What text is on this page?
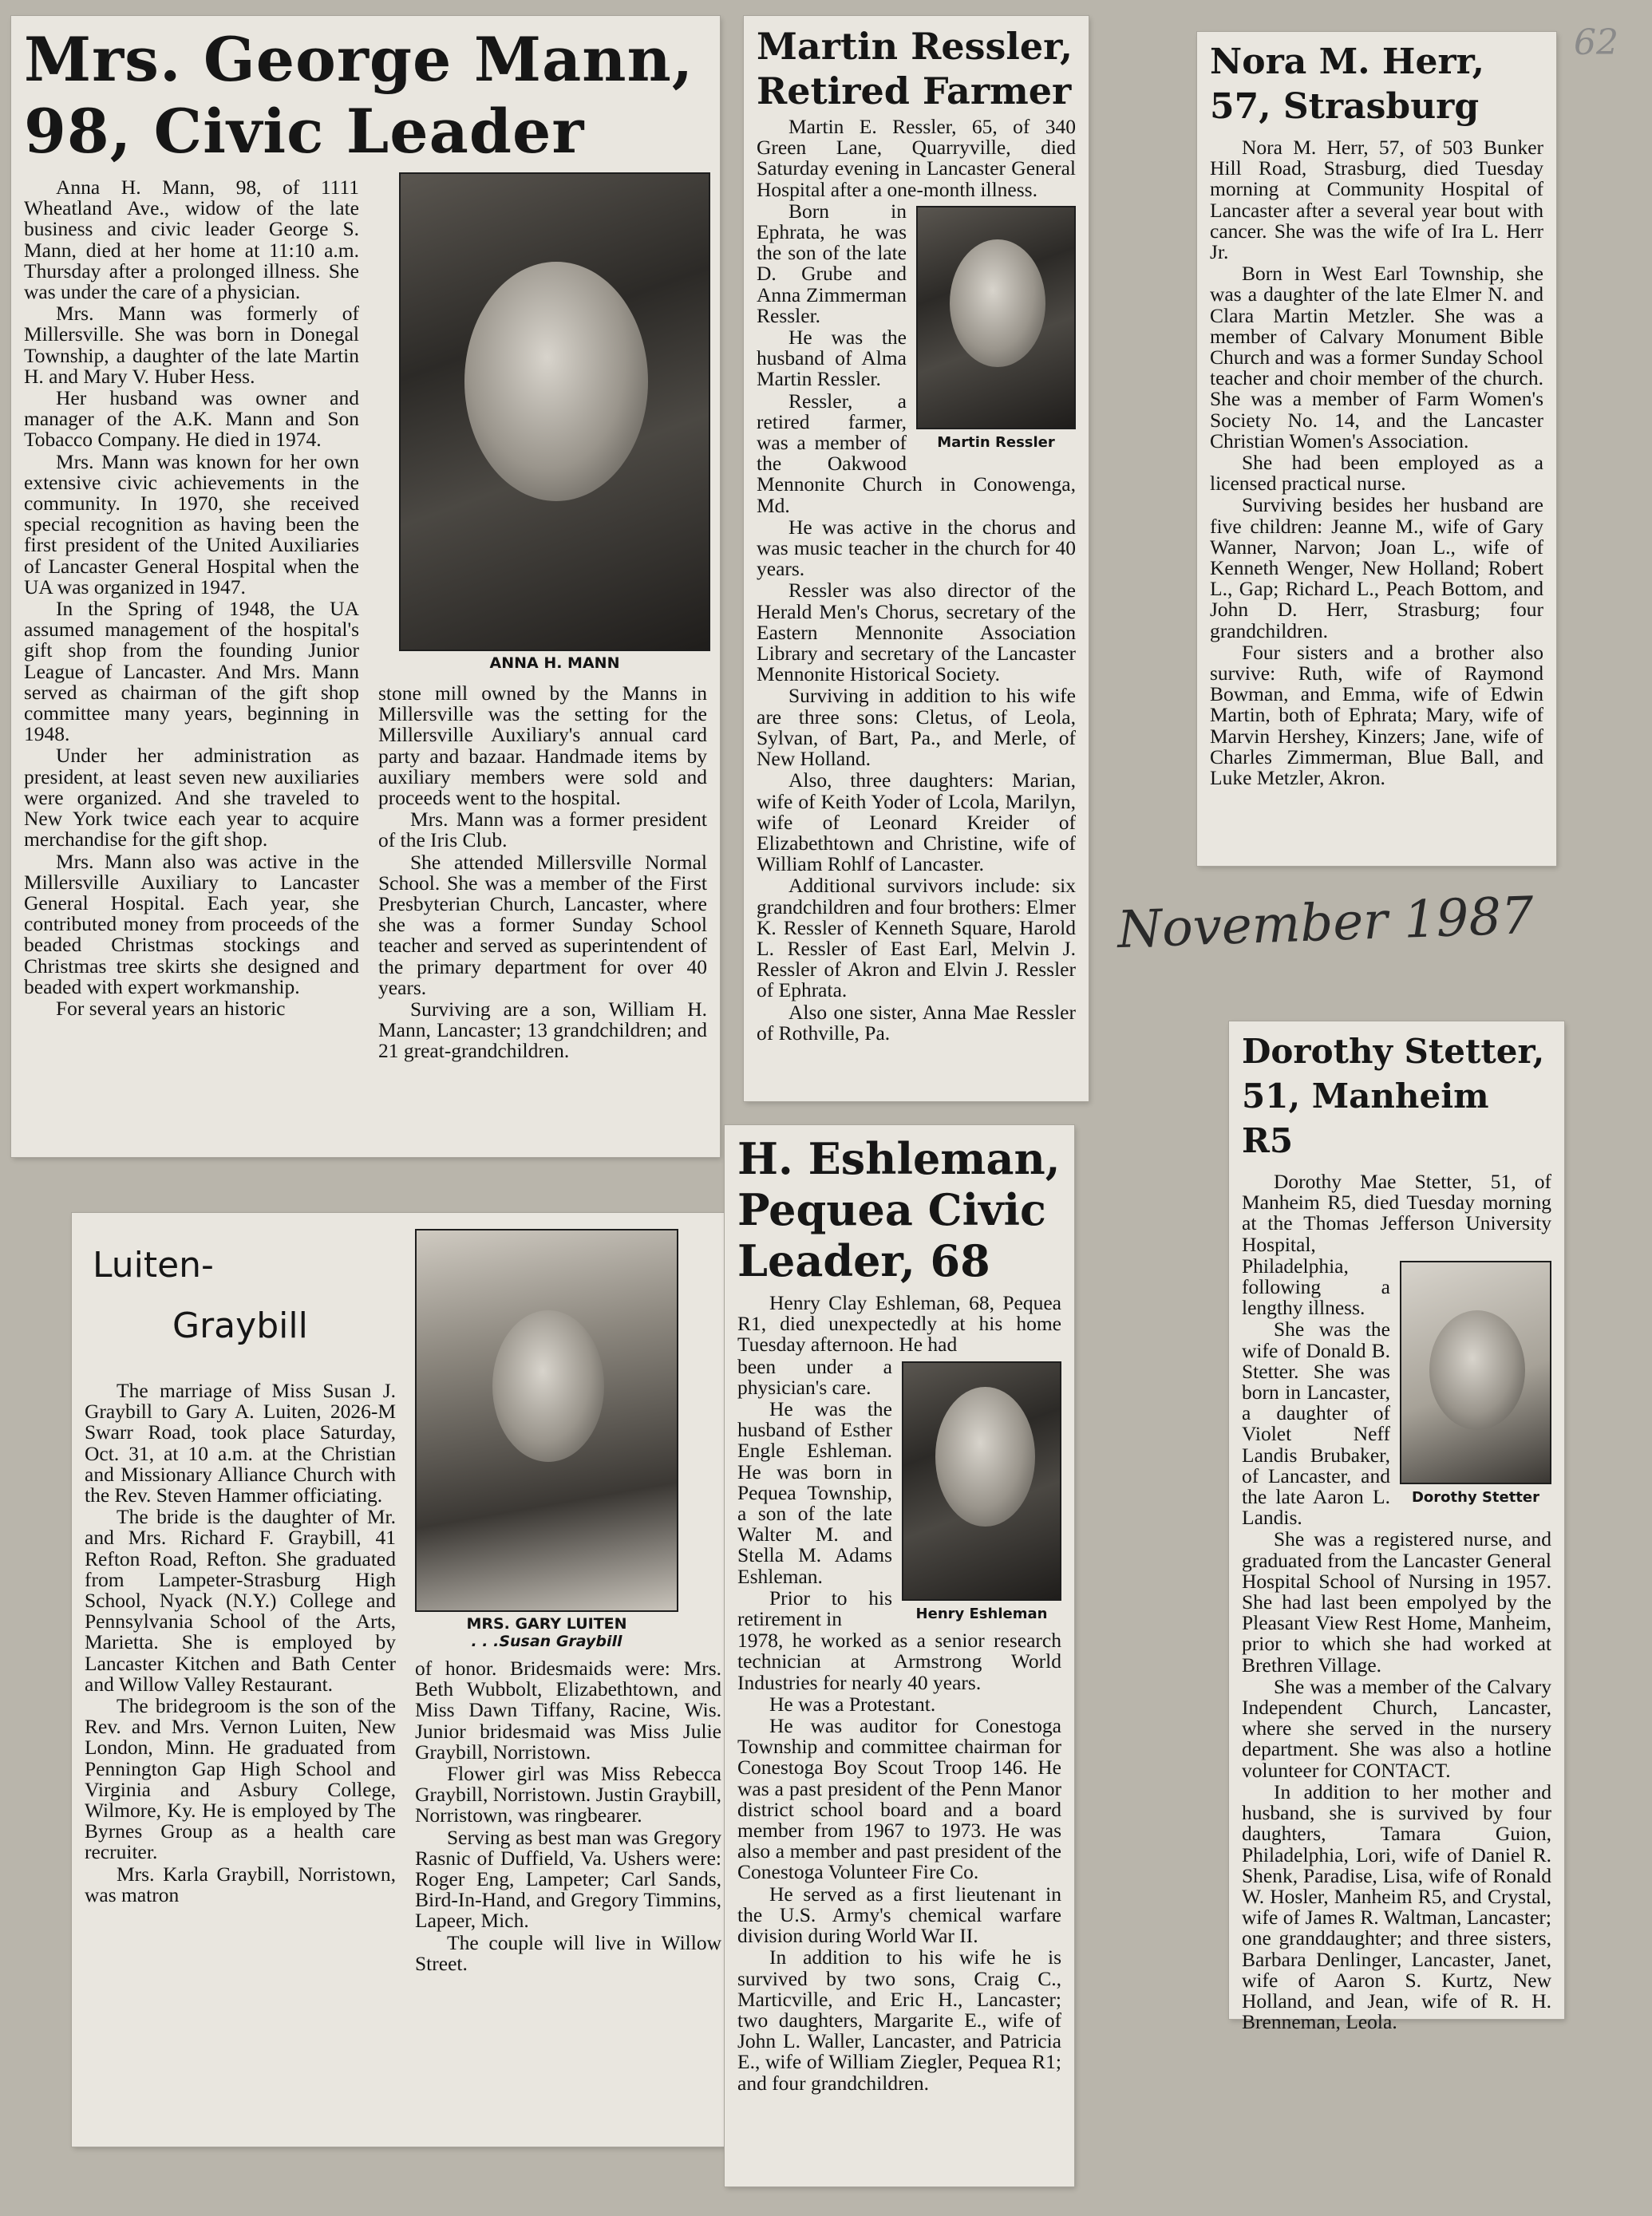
62
November 1987
Mrs. George Mann,
98, Civic Leader

Anna H. Mann, 98, of 1111 Wheatland Ave., widow of the late business and civic leader George S. Mann, died at her home at 11:10 a.m. Thursday after a prolonged illness. She was under the care of a physician.

Mrs. Mann was formerly of Millersville. She was born in Donegal Township, a daughter of the late Martin H. and Mary V. Huber Hess.

Her husband was owner and manager of the A.K. Mann and Son Tobacco Company. He died in 1974.

Mrs. Mann was known for her own extensive civic achievements in the community. In 1970, she received special recognition as having been the first president of the United Auxiliaries of Lancaster General Hospital when the UA was organized in 1947.

In the Spring of 1948, the UA assumed management of the hospital's gift shop from the founding Junior League of Lancaster. And Mrs. Mann served as chairman of the gift shop committee many years, beginning in 1948.

Under her administration as president, at least seven new auxiliaries were organized. And she traveled to New York twice each year to acquire merchandise for the gift shop.

Mrs. Mann also was active in the Millersville Auxiliary to Lancaster General Hospital. Each year, she contributed money from proceeds of the beaded Christmas stockings and Christmas tree skirts she designed and beaded with expert workmanship.

For several years an historic

ANNA H. MANN

stone mill owned by the Manns in Millersville was the setting for the Millersville Auxiliary's annual card party and bazaar. Handmade items by auxiliary members were sold and proceeds went to the hospital.

Mrs. Mann was a former president of the Iris Club.

She attended Millersville Normal School. She was a member of the First Presbyterian Church, Lancaster, where she was a former Sunday School teacher and served as superintendent of the primary department for over 40 years.

Surviving are a son, William H. Mann, Lancaster; 13 grandchildren; and 21 great-grandchildren.

Martin Ressler,
Retired Farmer

Martin E. Ressler, 65, of 340 Green Lane, Quarryville, died Saturday evening in Lancaster General Hospital after a one-month illness.

Martin Ressler

Born in Ephrata, he was the son of the late D. Grube and Anna Zimmerman Ressler.

He was the husband of Alma Martin Ressler.

Ressler, a retired farmer, was a member of the Oakwood Mennonite Church in Conowenga, Md.

He was active in the chorus and was music teacher in the church for 40 years.

Ressler was also director of the Herald Men's Chorus, secretary of the Eastern Mennonite Association Library and secretary of the Lancaster Mennonite Historical Society.

Surviving in addition to his wife are three sons: Cletus, of Leola, Sylvan, of Bart, Pa., and Merle, of New Holland.

Also, three daughters: Marian, wife of Keith Yoder of Lcola, Marilyn, wife of Leonard Kreider of Elizabethtown and Christine, wife of William Rohlf of Lancaster.

Additional survivors include: six grandchildren and four brothers: Elmer K. Ressler of Kenneth Square, Harold L. Ressler of East Earl, Melvin J. Ressler of Akron and Elvin J. Ressler of Ephrata.

Also one sister, Anna Mae Ressler of Rothville, Pa.

Nora M. Herr,
57, Strasburg

Nora M. Herr, 57, of 503 Bunker Hill Road, Strasburg, died Tuesday morning at Community Hospital of Lancaster after a several year bout with cancer. She was the wife of Ira L. Herr Jr.

Born in West Earl Township, she was a daughter of the late Elmer N. and Clara Martin Metzler. She was a member of Calvary Monument Bible Church and was a former Sunday School teacher and choir member of the church. She was a member of Farm Women's Society No. 14, and the Lancaster Christian Women's Association.

She had been employed as a licensed practical nurse.

Surviving besides her husband are five children: Jeanne M., wife of Gary Wanner, Narvon; Joan L., wife of Kenneth Wenger, New Holland; Robert L., Gap; Richard L., Peach Bottom, and John D. Herr, Strasburg; four grandchildren.

Four sisters and a brother also survive: Ruth, wife of Raymond Bowman, and Emma, wife of Edwin Martin, both of Ephrata; Mary, wife of Marvin Hershey, Kinzers; Jane, wife of Charles Zimmerman, Blue Ball, and Luke Metzler, Akron.

Dorothy Stetter,
51, Manheim R5

Dorothy Mae Stetter, 51, of Manheim R5, died Tuesday morning at the Thomas Jefferson University Hospital,

Dorothy Stetter

Philadelphia, following a lengthy illness.

She was the wife of Donald B. Stetter. She was born in Lancaster, a daughter of Violet Neff Landis Brubaker, of Lancaster, and the late Aaron L. Landis.

She was a registered nurse, and graduated from the Lancaster General Hospital School of Nursing in 1957. She had last been empolyed by the Pleasant View Rest Home, Manheim, prior to which she had worked at Brethren Village.

She was a member of the Calvary Independent Church, Lancaster, where she served in the nursery department. She was also a hotline volunteer for CONTACT.

In addition to her mother and husband, she is survived by four daughters, Tamara Guion, Philadelphia, Lori, wife of Daniel R. Shenk, Paradise, Lisa, wife of Ronald W. Hosler, Manheim R5, and Crystal, wife of James R. Waltman, Lancaster; one granddaughter; and three sisters, Barbara Denlinger, Lancaster, Janet, wife of Aaron S. Kurtz, New Holland, and Jean, wife of R. H. Brenneman, Leola.

Luiten-
Graybill

The marriage of Miss Susan J. Graybill to Gary A. Luiten, 2026-M Swarr Road, took place Saturday, Oct. 31, at 10 a.m. at the Christian and Missionary Alliance Church with the Rev. Steven Hammer officiating.

The bride is the daughter of Mr. and Mrs. Richard F. Graybill, 41 Refton Road, Refton. She graduated from Lampeter-Strasburg High School, Nyack (N.Y.) College and Pennsylvania School of the Arts, Marietta. She is employed by Lancaster Kitchen and Bath Center and Willow Valley Restaurant.

The bridegroom is the son of the Rev. and Mrs. Vernon Luiten, New London, Minn. He graduated from Pennington Gap High School and Virginia and Asbury College, Wilmore, Ky. He is employed by The Byrnes Group as a health care recruiter.

Mrs. Karla Graybill, Norristown, was matron

MRS. GARY LUITEN
. . .Susan Graybill

of honor. Bridesmaids were: Mrs. Beth Wubbolt, Elizabethtown, and Miss Dawn Tiffany, Racine, Wis. Junior bridesmaid was Miss Julie Graybill, Norristown.

Flower girl was Miss Rebecca Graybill, Norristown. Justin Graybill, Norristown, was ringbearer.

Serving as best man was Gregory Rasnic of Duffield, Va. Ushers were: Roger Eng, Lampeter; Carl Sands, Bird-In-Hand, and Gregory Timmins, Lapeer, Mich.

The couple will live in Willow Street.

H. Eshleman,
Pequea Civic
Leader, 68

Henry Clay Eshleman, 68, Pequea R1, died unexpectedly at his home Tuesday afternoon. He had

Henry Eshleman

been under a physician's care.

He was the husband of Esther Engle Eshleman. He was born in Pequea Township, a son of the late Walter M. and Stella M. Adams Eshleman.

Prior to his retirement in

1978, he worked as a senior research technician at Armstrong World Industries for nearly 40 years.

He was a Protestant.

He was auditor for Conestoga Township and committee chairman for Conestoga Boy Scout Troop 146. He was a past president of the Penn Manor district school board and a board member from 1967 to 1973. He was also a member and past president of the Conestoga Volunteer Fire Co.

He served as a first lieutenant in the U.S. Army's chemical warfare division during World War II.

In addition to his wife he is survived by two sons, Craig C., Marticville, and Eric H., Lancaster; two daughters, Margarite E., wife of John L. Waller, Lancaster, and Patricia E., wife of William Ziegler, Pequea R1; and four grandchildren.
